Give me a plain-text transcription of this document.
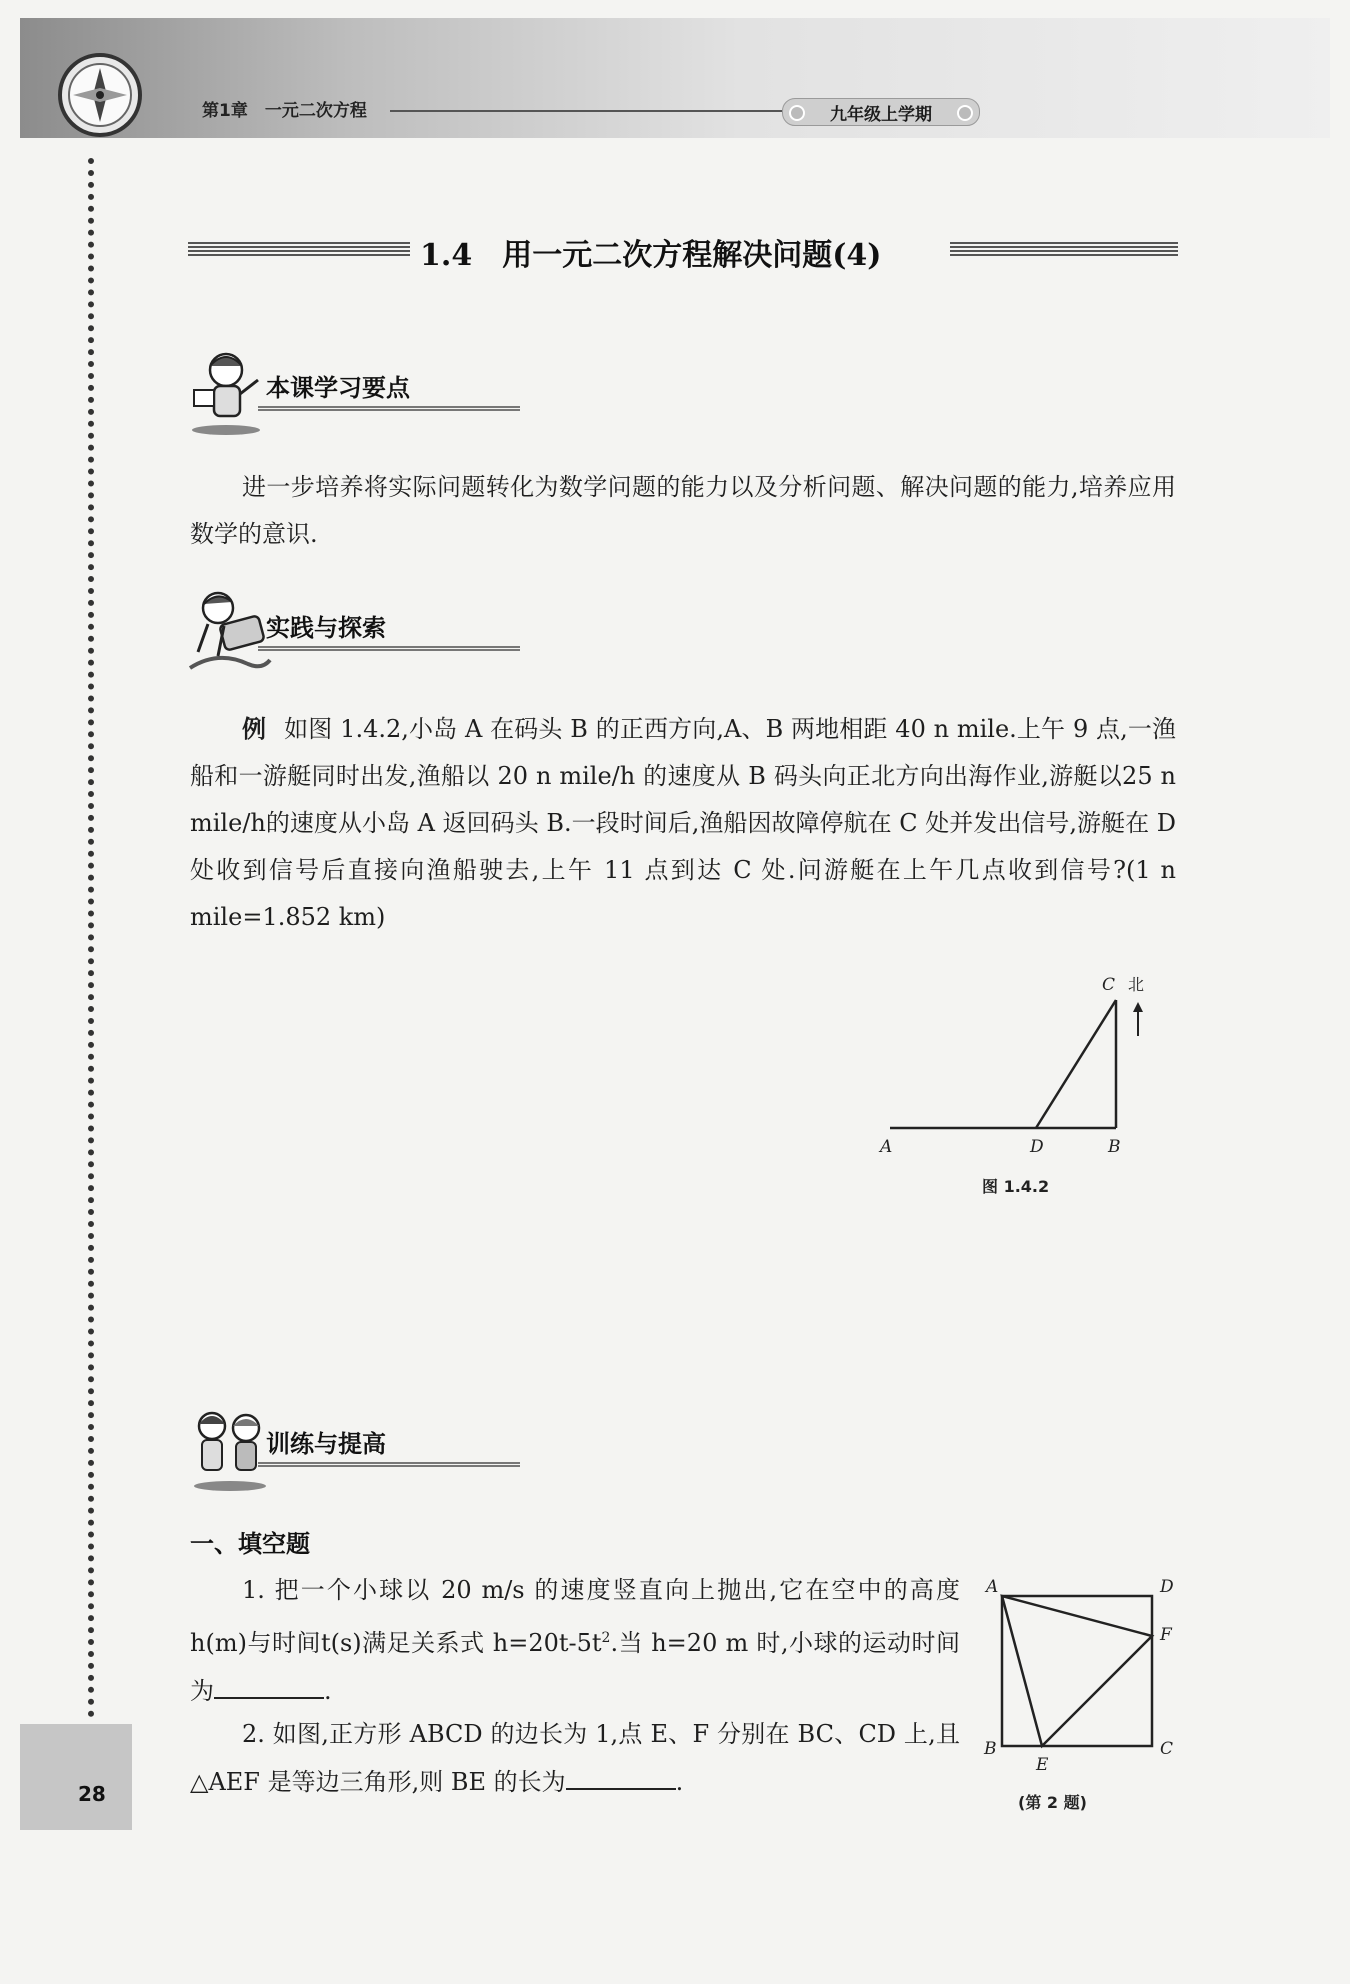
第1章　一元二次方程	九年级上学期
1.4　用一元二次方程解决问题(4)
本课学习要点

进一步培养将实际问题转化为数学问题的能力以及分析问题、解决问题的能力,培养应用数学的意识.

实践与探索

例 如图 1.4.2,小岛 A 在码头 B 的正西方向,A、B 两地相距 40 n mile.上午 9 点,一渔船和一游艇同时出发,渔船以 20 n mile/h 的速度从 B 码头向正北方向出海作业,游艇以25 n mile/h的速度从小岛 A 返回码头 B.一段时间后,渔船因故障停航在 C 处并发出信号,游艇在 D 处收到信号后直接向渔船驶去,上午 11 点到达 C 处.问游艇在上午几点收到信号?(1 n mile=1.852 km)

A	D	B
C 北
图 1.4.2
训练与提高
一、填空题

1. 把一个小球以 20 m/s 的速度竖直向上抛出,它在空中的高度 h(m)与时间t(s)满足关系式 $h=20t-5t^2$.当 h=20 m 时,小球的运动时间为	.

2. 如图,正方形 ABCD 的边长为 1,点 E、F 分别在 BC、CD 上,且△AEF 是等边三角形,则 BE 的长为	.

A	D
F
C
B
E
(第 2 题)
28
